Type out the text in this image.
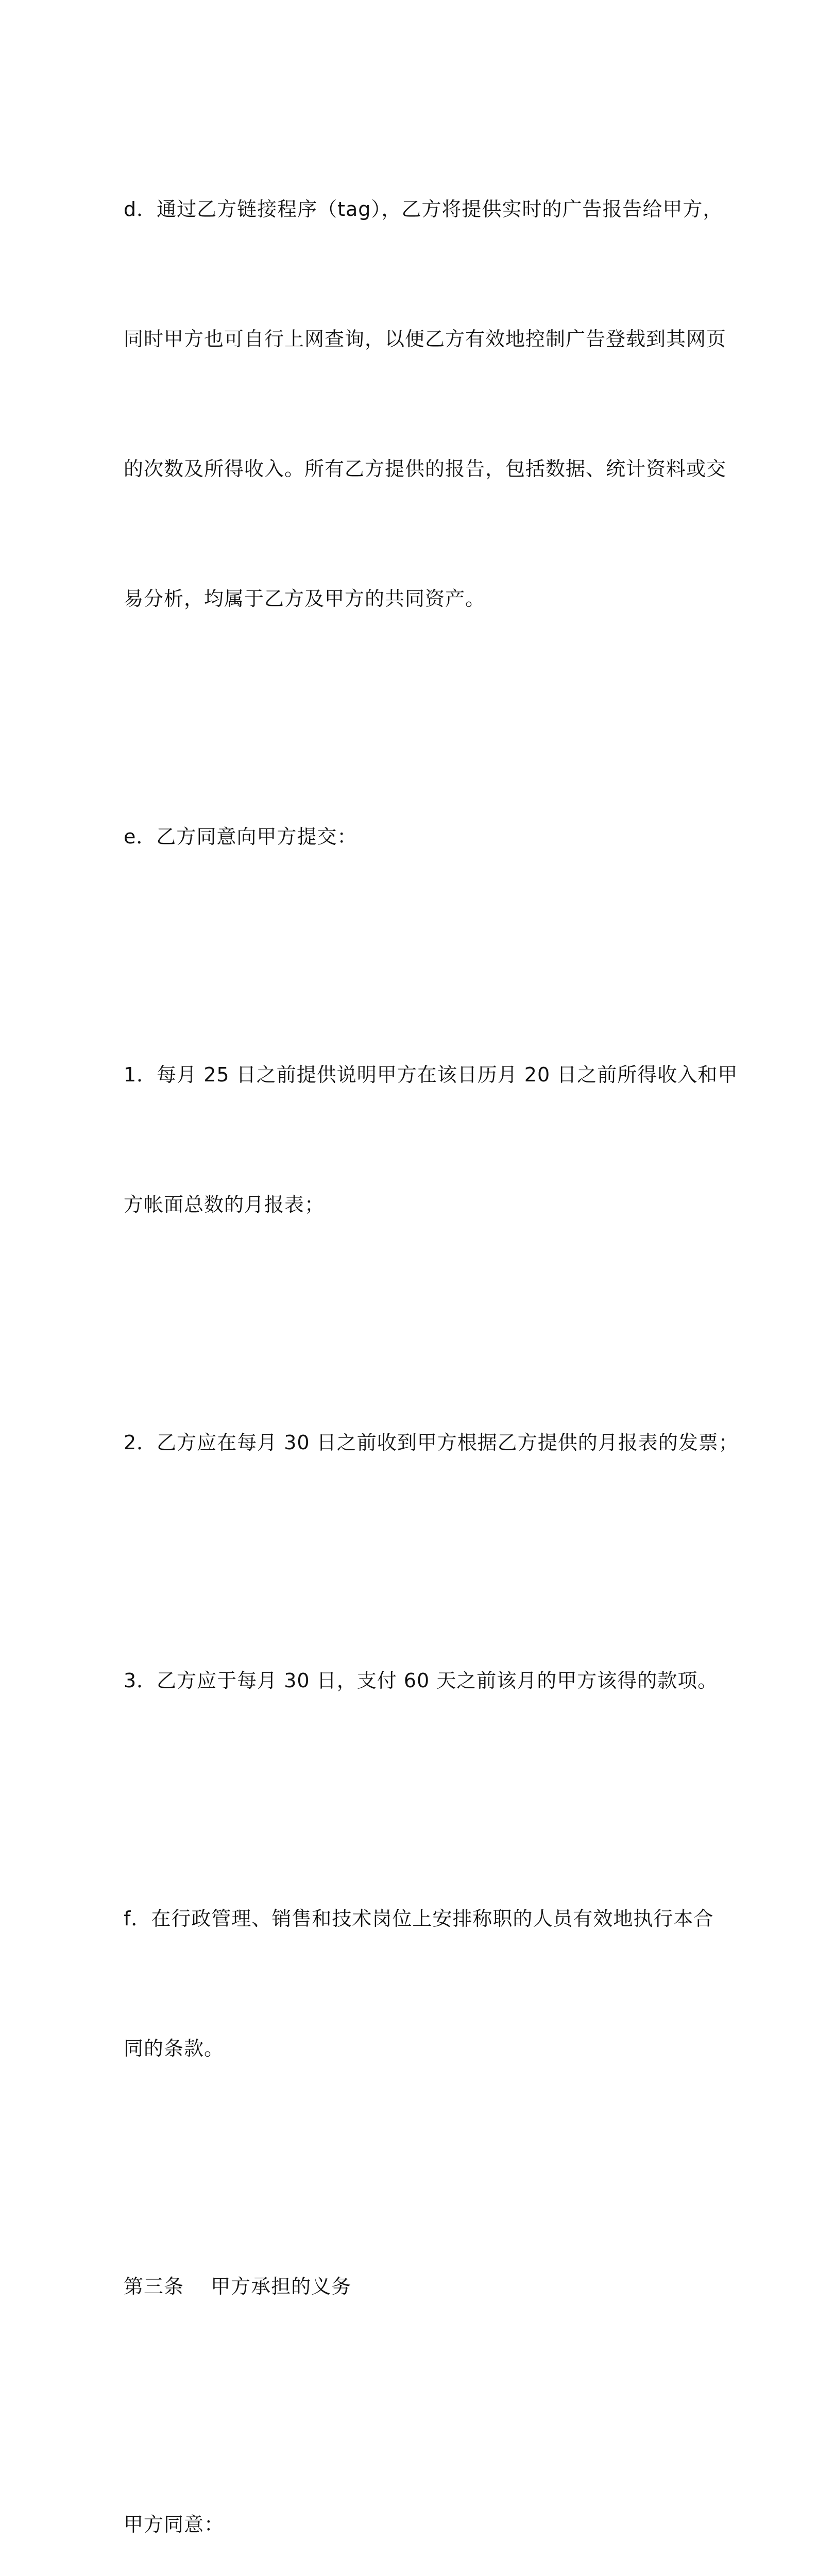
d．通过乙方链接程序（tag），乙方将提供实时的广告报告给甲方，

同时甲方也可自行上网查询，以便乙方有效地控制广告登载到其网页

的次数及所得收入。所有乙方提供的报告，包括数据、统计资料或交

易分析，均属于乙方及甲方的共同资产。

e．乙方同意向甲方提交：

1．每月 25 日之前提供说明甲方在该日历月 20 日之前所得收入和甲

方帐面总数的月报表；

2．乙方应在每月 30 日之前收到甲方根据乙方提供的月报表的发票；

3．乙方应于每月 30 日，支付 60 天之前该月的甲方该得的款项。

f．在行政管理、销售和技术岗位上安排称职的人员有效地执行本合

同的条款。

第三条　 甲方承担的义务

甲方同意：
